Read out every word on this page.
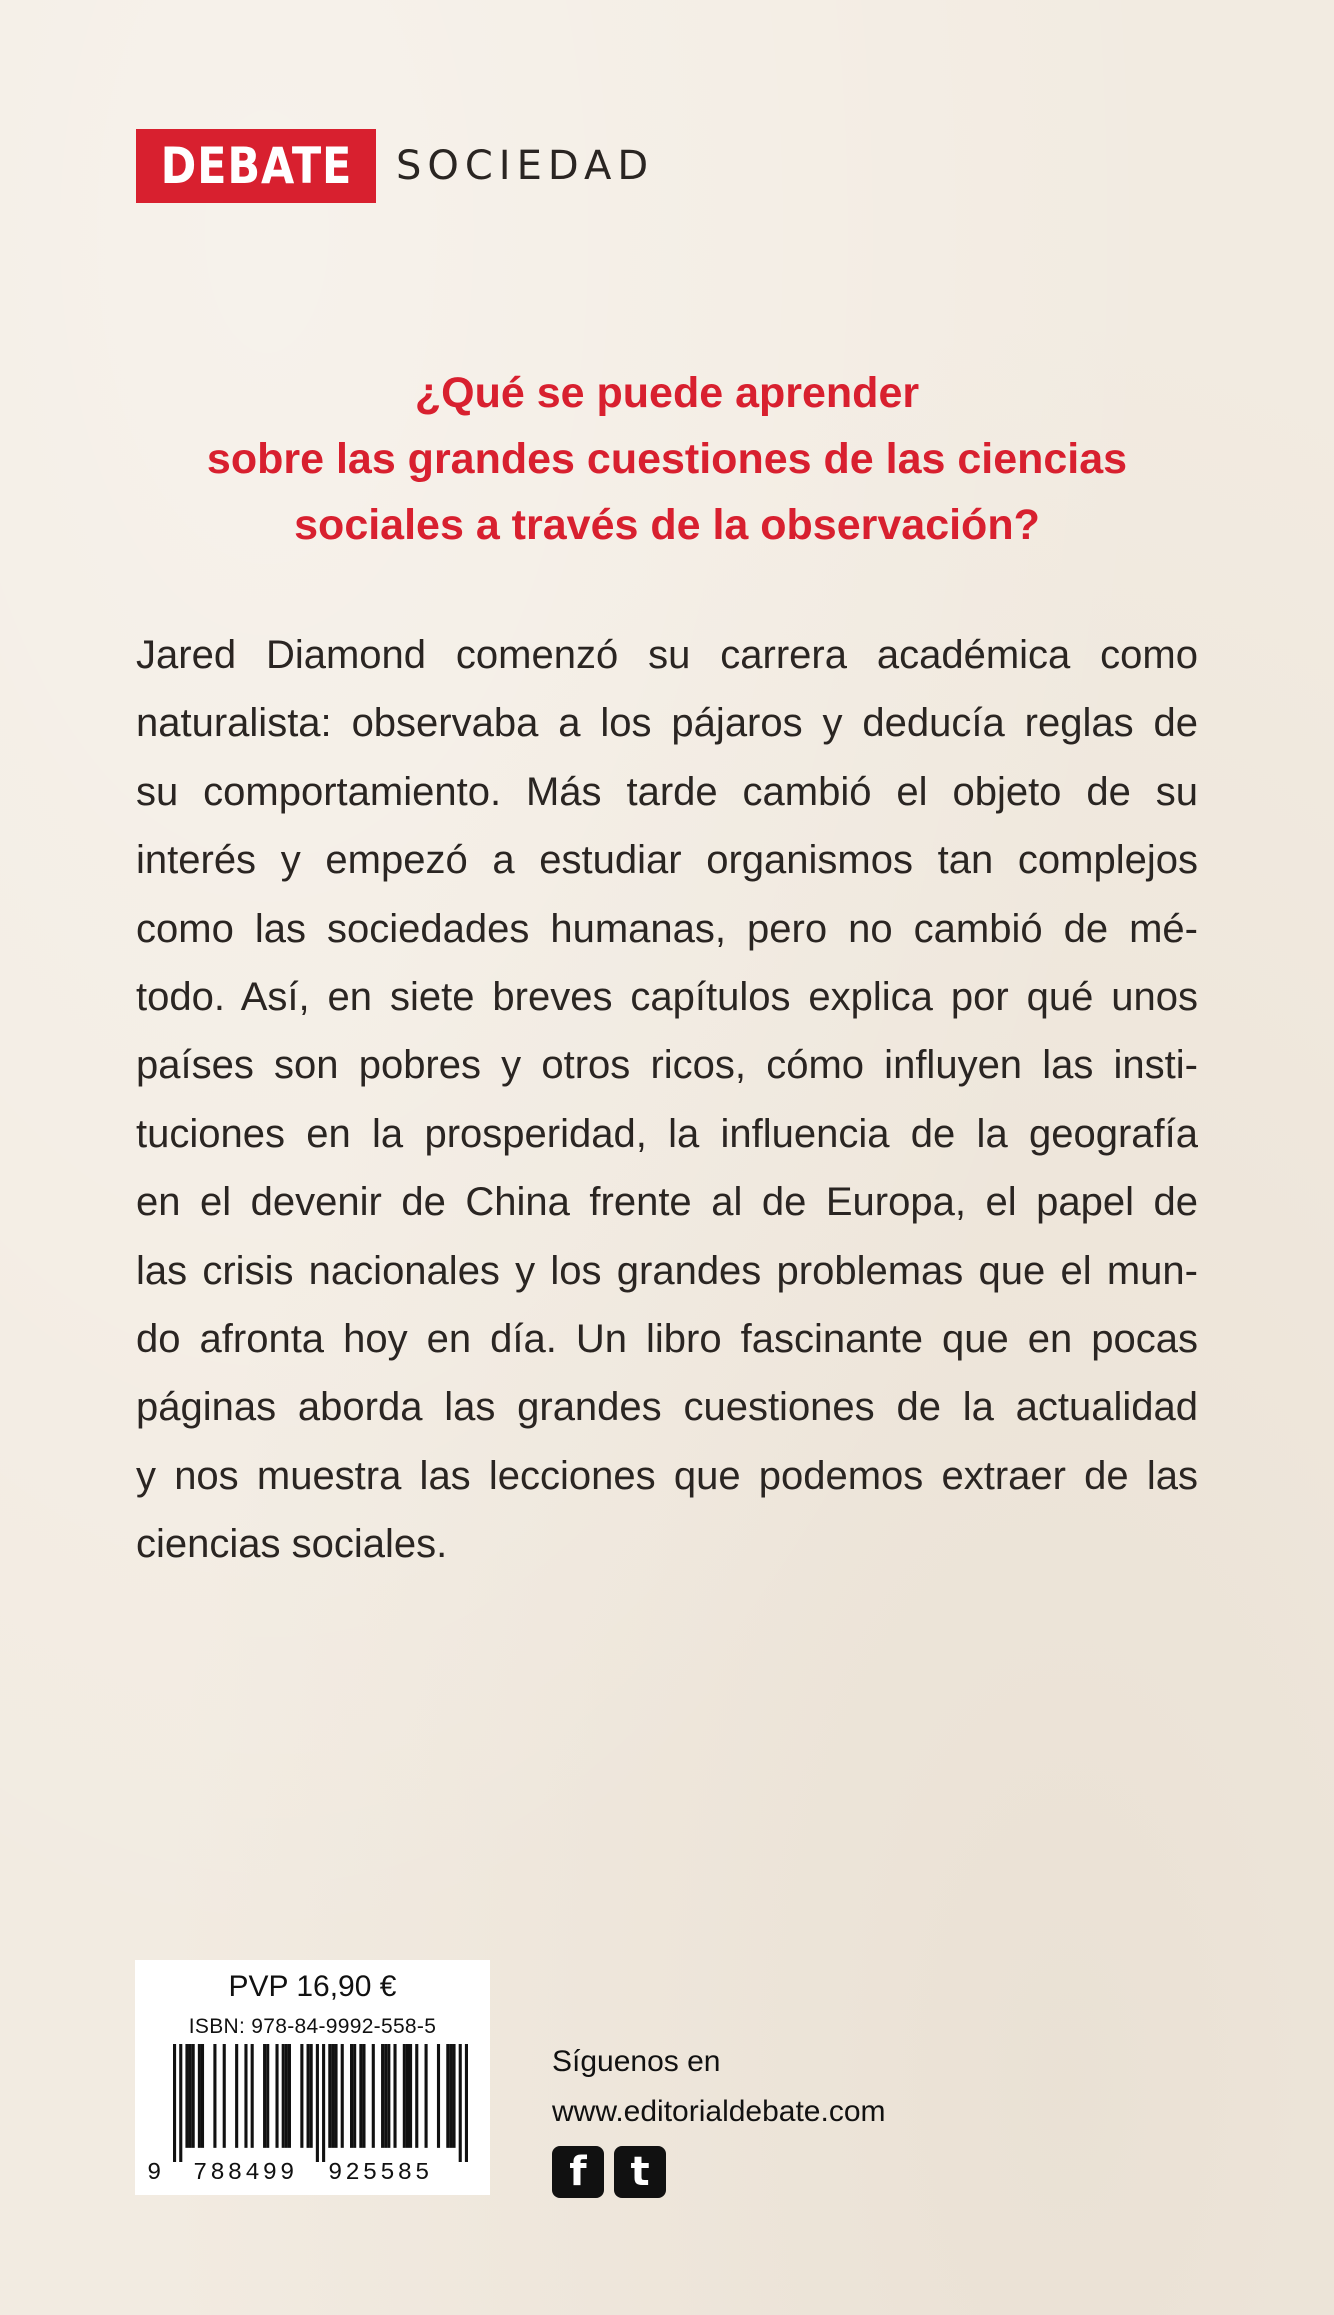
DEBATE SOCIEDAD
¿Qué se puede aprender
sobre las grandes cuestiones de las ciencias
sociales a través de la observación?
Jared Diamond comenzó su carrera académica como
naturalista: observaba a los pájaros y deducía reglas de
su comportamiento. Más tarde cambió el objeto de su
interés y empezó a estudiar organismos tan complejos
como las sociedades humanas, pero no cambió de mé-
todo. Así, en siete breves capítulos explica por qué unos
países son pobres y otros ricos, cómo influyen las insti-
tuciones en la prosperidad, la influencia de la geografía
en el devenir de China frente al de Europa, el papel de
las crisis nacionales y los grandes problemas que el mun-
do afronta hoy en día. Un libro fascinante que en pocas
páginas aborda las grandes cuestiones de la actualidad
y nos muestra las lecciones que podemos extraer de las
ciencias sociales.
PVP 16,90 €
ISBN: 978-84-9992-558-5
9 788499 925585
Síguenos en
www.editorialdebate.com
f	t
